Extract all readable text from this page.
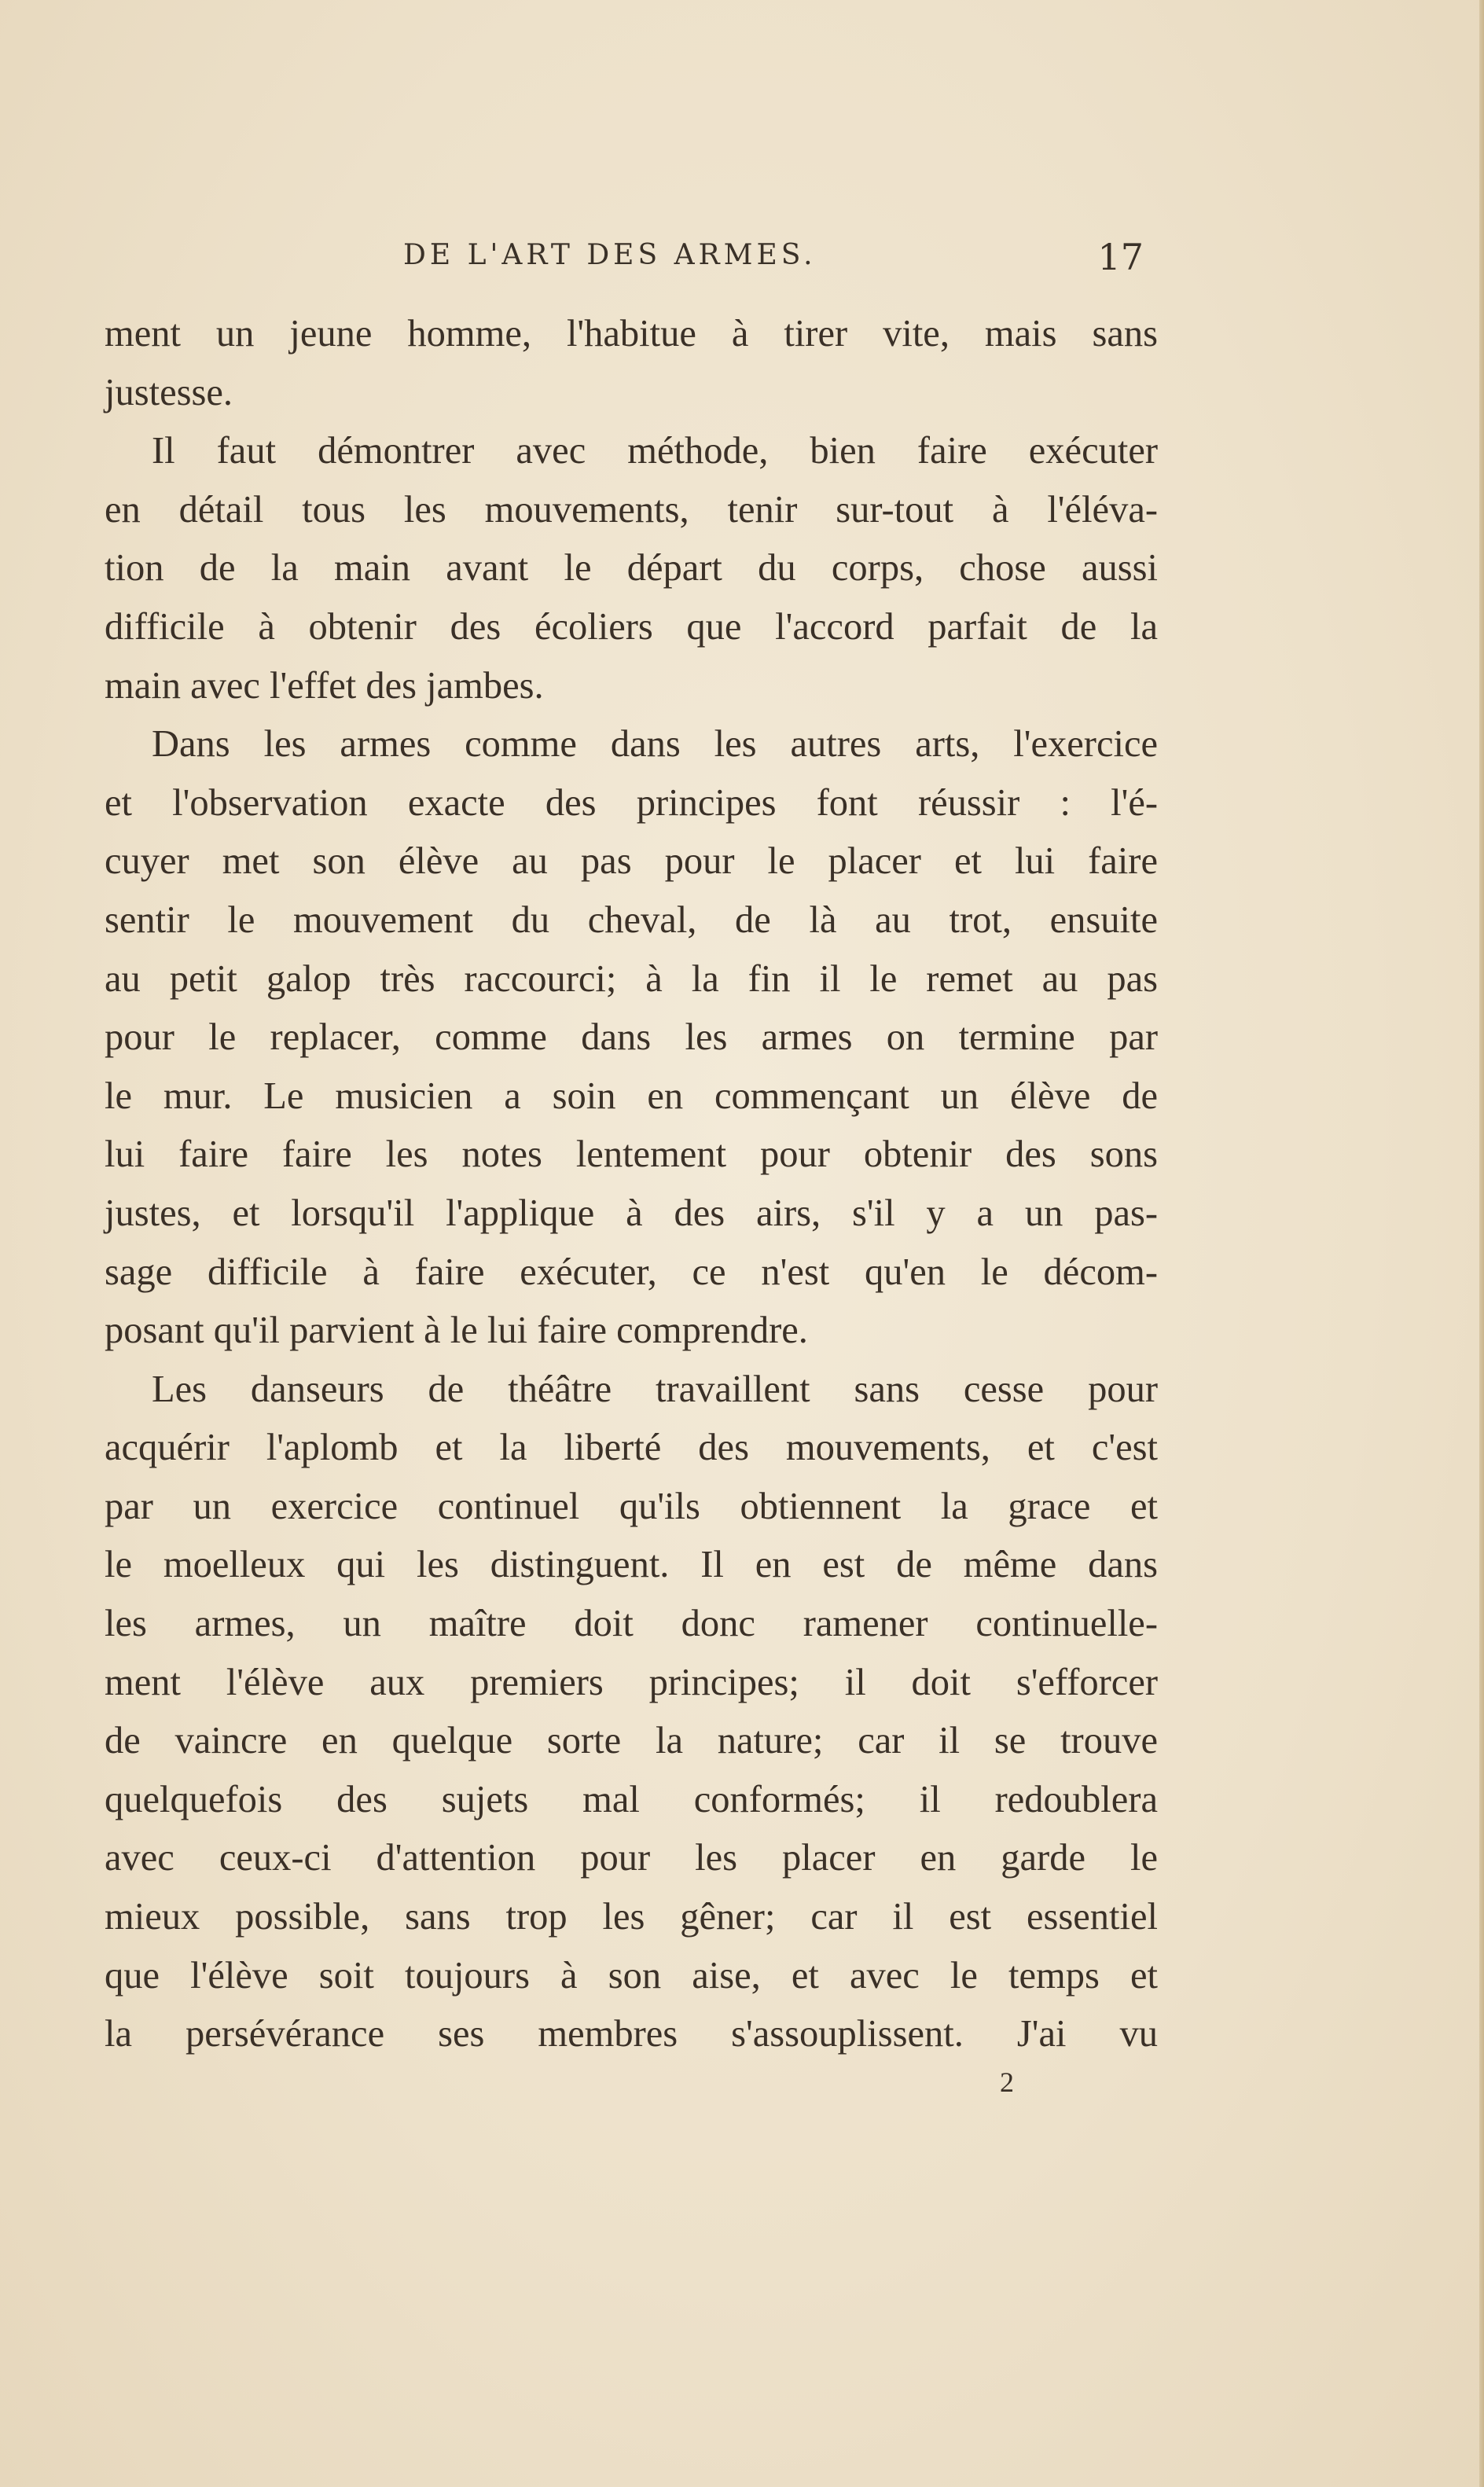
DE L'ART DES ARMES.	17
ment un jeune homme, l'habitue à tirer vite, mais sans
justesse.
Il faut démontrer avec méthode, bien faire exécuter
en détail tous les mouvements, tenir sur-tout à l'éléva-
tion de la main avant le départ du corps, chose aussi
difficile à obtenir des écoliers que l'accord parfait de la
main avec l'effet des jambes.
Dans les armes comme dans les autres arts, l'exercice
et l'observation exacte des principes font réussir : l'é-
cuyer met son élève au pas pour le placer et lui faire
sentir le mouvement du cheval, de là au trot, ensuite
au petit galop très raccourci; à la fin il le remet au pas
pour le replacer, comme dans les armes on termine par
le mur. Le musicien a soin en commençant un élève de
lui faire faire les notes lentement pour obtenir des sons
justes, et lorsqu'il l'applique à des airs, s'il y a un pas-
sage difficile à faire exécuter, ce n'est qu'en le décom-
posant qu'il parvient à le lui faire comprendre.
Les danseurs de théâtre travaillent sans cesse pour
acquérir l'aplomb et la liberté des mouvements, et c'est
par un exercice continuel qu'ils obtiennent la grace et
le moelleux qui les distinguent. Il en est de même dans
les armes, un maître doit donc ramener continuelle-
ment l'élève aux premiers principes; il doit s'efforcer
de vaincre en quelque sorte la nature; car il se trouve
quelquefois des sujets mal conformés; il redoublera
avec ceux-ci d'attention pour les placer en garde le
mieux possible, sans trop les gêner; car il est essentiel
que l'élève soit toujours à son aise, et avec le temps et
la persévérance ses membres s'assouplissent. J'ai vu
2
